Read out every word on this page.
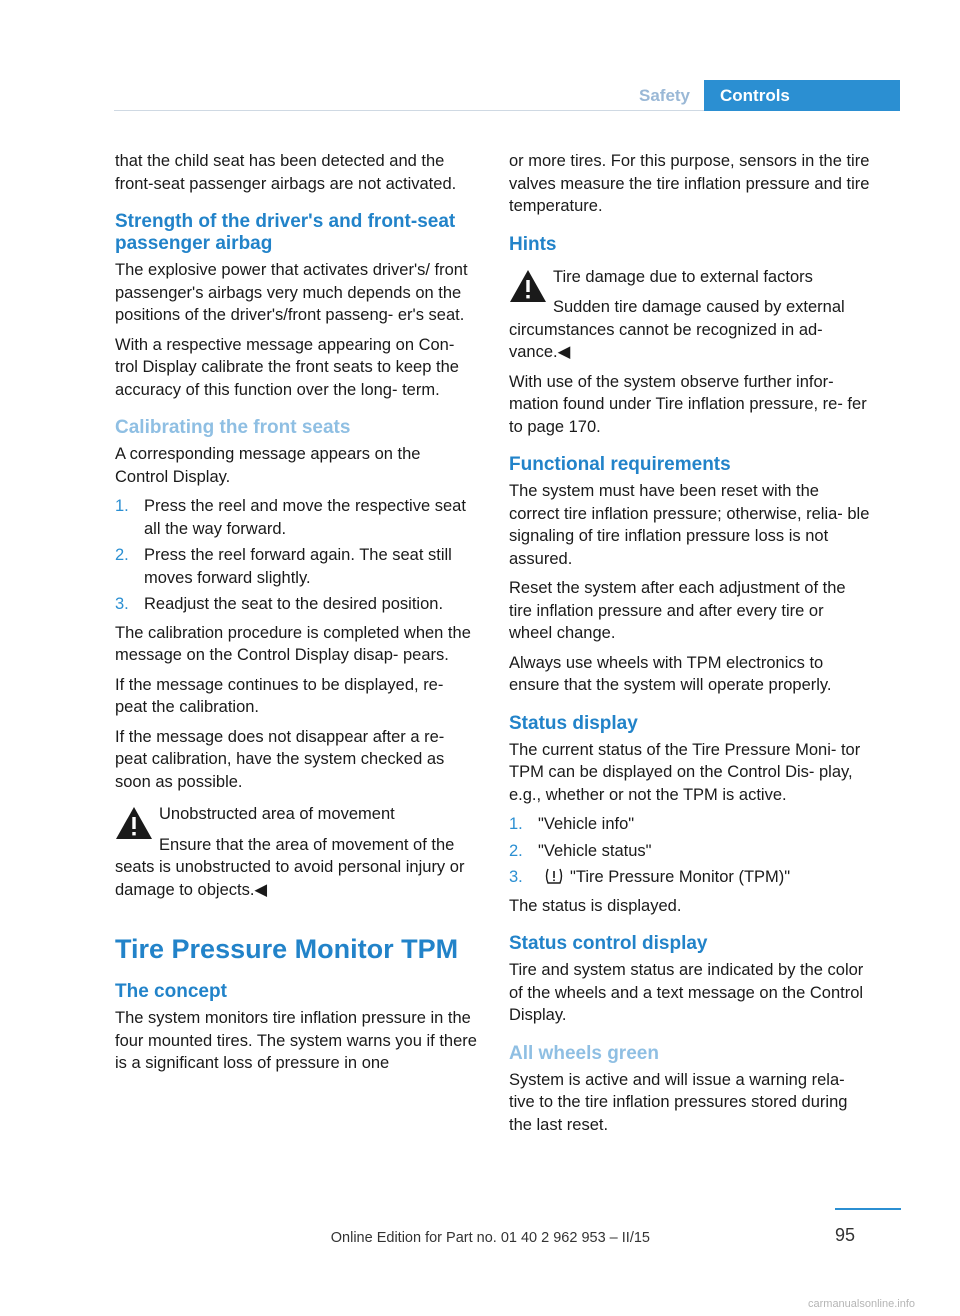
Safety	Controls

that the child seat has been detected and the front-seat passenger airbags are not activated.

Strength of the driver's and front-seat passenger airbag

The explosive power that activates driver's/ front passenger's airbags very much depends on the positions of the driver's/front passeng‐ er's seat.

With a respective message appearing on Con‐ trol Display calibrate the front seats to keep the accuracy of this function over the long- term.

Calibrating the front seats

A corresponding message appears on the Control Display.

1. Press the reel and move the respective seat all the way forward.
2. Press the reel forward again. The seat still moves forward slightly.
3. Readjust the seat to the desired position.

The calibration procedure is completed when the message on the Control Display disap‐ pears.

If the message continues to be displayed, re‐ peat the calibration.

If the message does not disappear after a re‐ peat calibration, have the system checked as soon as possible.

Unobstructed area of movement
Ensure that the area of movement of the seats is unobstructed to avoid personal injury or damage to objects.◀
Tire Pressure Monitor TPM
The concept

The system monitors tire inflation pressure in the four mounted tires. The system warns you if there is a significant loss of pressure in one

or more tires. For this purpose, sensors in the tire valves measure the tire inflation pressure and tire temperature.

Hints
Tire damage due to external factors
Sudden tire damage caused by external circumstances cannot be recognized in ad‐ vance.◀

With use of the system observe further infor‐ mation found under Tire inflation pressure, re‐ fer to page 170.

Functional requirements

The system must have been reset with the correct tire inflation pressure; otherwise, relia‐ ble signaling of tire inflation pressure loss is not assured.

Reset the system after each adjustment of the tire inflation pressure and after every tire or wheel change.

Always use wheels with TPM electronics to ensure that the system will operate properly.

Status display

The current status of the Tire Pressure Moni‐ tor TPM can be displayed on the Control Dis‐ play, e.g., whether or not the TPM is active.

1. "Vehicle info"
2. "Vehicle status"
3.	"Tire Pressure Monitor (TPM)"

The status is displayed.

Status control display

Tire and system status are indicated by the color of the wheels and a text message on the Control Display.

All wheels green

System is active and will issue a warning rela‐ tive to the tire inflation pressures stored during the last reset.

Online Edition for Part no. 01 40 2 962 953 – II/15	95
carmanualsonline.info
